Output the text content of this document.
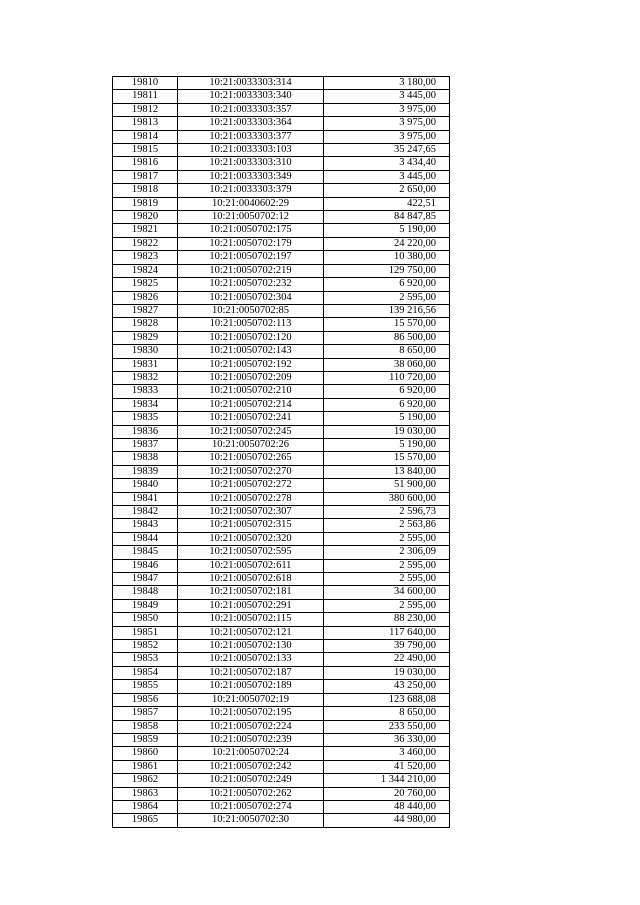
19810	10:21:0033303:314	3 180,00
19811	10:21:0033303:340	3 445,00
19812	10:21:0033303:357	3 975,00
19813	10:21:0033303:364	3 975,00
19814	10:21:0033303:377	3 975,00
19815	10:21:0033303:103	35 247,65
19816	10:21:0033303:310	3 434,40
19817	10:21:0033303:349	3 445,00
19818	10:21:0033303:379	2 650,00
19819	10:21:0040602:29	422,51
19820	10:21:0050702:12	84 847,85
19821	10:21:0050702:175	5 190,00
19822	10:21:0050702:179	24 220,00
19823	10:21:0050702:197	10 380,00
19824	10:21:0050702:219	129 750,00
19825	10:21:0050702:232	6 920,00
19826	10:21:0050702:304	2 595,00
19827	10:21:0050702:85	139 216,56
19828	10:21:0050702:113	15 570,00
19829	10:21:0050702:120	86 500,00
19830	10:21:0050702:143	8 650,00
19831	10:21:0050702:192	38 060,00
19832	10:21:0050702:209	110 720,00
19833	10:21:0050702:210	6 920,00
19834	10:21:0050702:214	6 920,00
19835	10:21:0050702:241	5 190,00
19836	10:21:0050702:245	19 030,00
19837	10:21:0050702:26	5 190,00
19838	10:21:0050702:265	15 570,00
19839	10:21:0050702:270	13 840,00
19840	10:21:0050702:272	51 900,00
19841	10:21:0050702:278	380 600,00
19842	10:21:0050702:307	2 596,73
19843	10:21:0050702:315	2 563,86
19844	10:21:0050702:320	2 595,00
19845	10:21:0050702:595	2 306,09
19846	10:21:0050702:611	2 595,00
19847	10:21:0050702:618	2 595,00
19848	10:21:0050702:181	34 600,00
19849	10:21:0050702:291	2 595,00
19850	10:21:0050702:115	88 230,00
19851	10:21:0050702:121	117 640,00
19852	10:21:0050702:130	39 790,00
19853	10:21:0050702:133	22 490,00
19854	10:21:0050702:187	19 030,00
19855	10:21:0050702:189	43 250,00
19856	10:21:0050702:19	123 688,08
19857	10:21:0050702:195	8 650,00
19858	10:21:0050702:224	233 550,00
19859	10:21:0050702:239	36 330,00
19860	10:21:0050702:24	3 460,00
19861	10:21:0050702:242	41 520,00
19862	10:21:0050702:249	1 344 210,00
19863	10:21:0050702:262	20 760,00
19864	10:21:0050702:274	48 440,00
19865	10:21:0050702:30	44 980,00
